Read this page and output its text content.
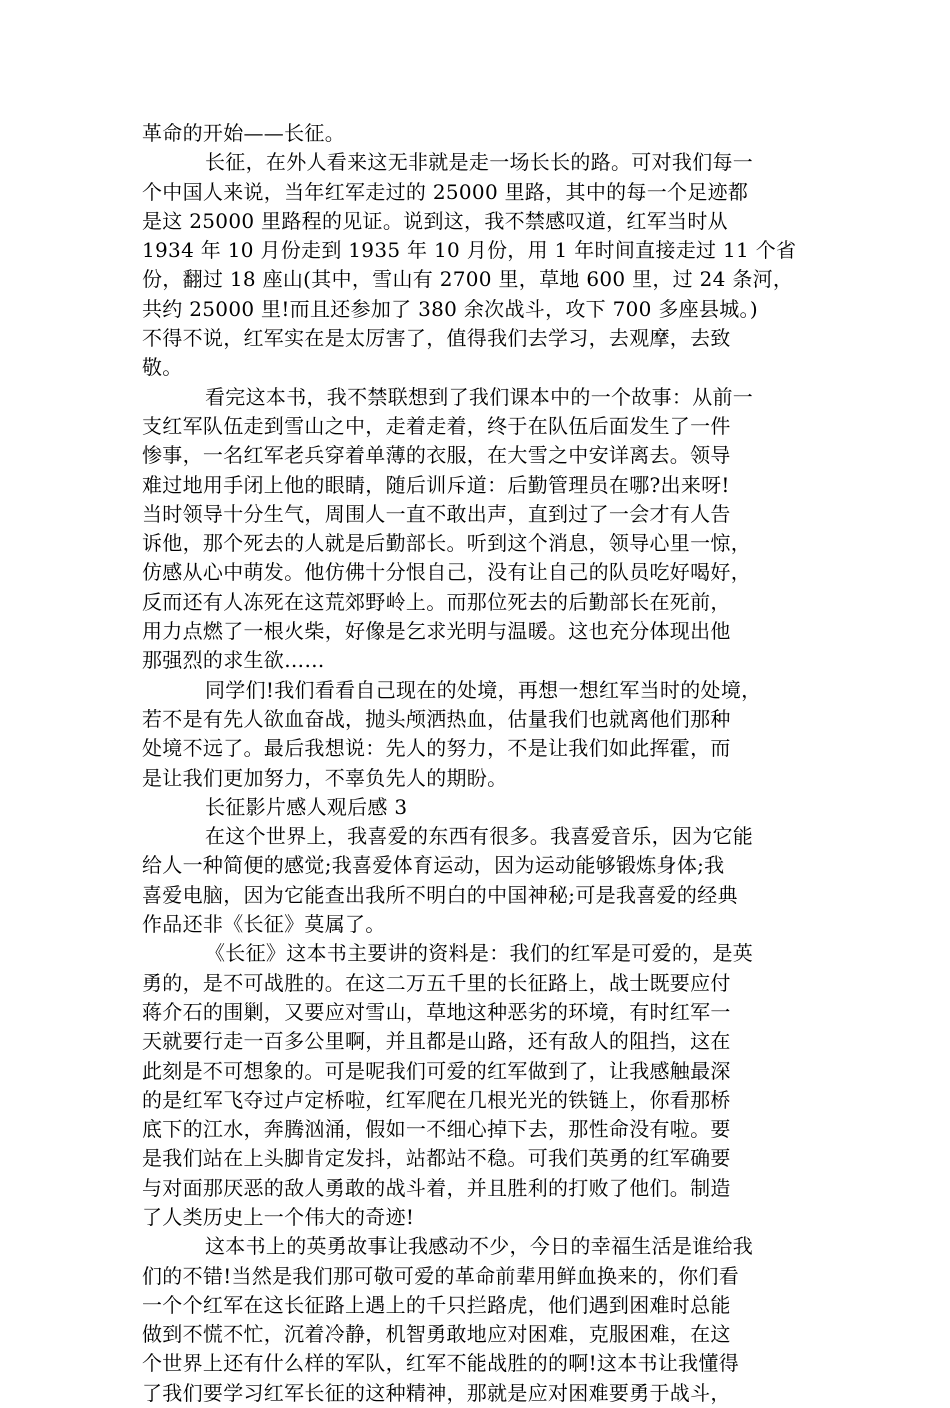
革命的开始——长征。
长征，在外人看来这无非就是走一场长长的路。可对我们每一
个中国人来说，当年红军走过的 25000 里路，其中的每一个足迹都
是这 25000 里路程的见证。说到这，我不禁感叹道，红军当时从
1934 年 10 月份走到 1935 年 10 月份，用 1 年时间直接走过 11 个省
份，翻过 18 座山(其中，雪山有 2700 里，草地 600 里，过 24 条河，
共约 25000 里!而且还参加了 380 余次战斗，攻下 700 多座县城。)
不得不说，红军实在是太厉害了，值得我们去学习，去观摩，去致
敬。
看完这本书，我不禁联想到了我们课本中的一个故事：从前一
支红军队伍走到雪山之中，走着走着，终于在队伍后面发生了一件
惨事，一名红军老兵穿着单薄的衣服，在大雪之中安详离去。领导
难过地用手闭上他的眼睛，随后训斥道：后勤管理员在哪?出来呀!
当时领导十分生气，周围人一直不敢出声，直到过了一会才有人告
诉他，那个死去的人就是后勤部长。听到这个消息，领导心里一惊，
仿感从心中萌发。他仿佛十分恨自己，没有让自己的队员吃好喝好，
反而还有人冻死在这荒郊野岭上。而那位死去的后勤部长在死前，
用力点燃了一根火柴，好像是乞求光明与温暖。这也充分体现出他
那强烈的求生欲……
同学们!我们看看自己现在的处境，再想一想红军当时的处境，
若不是有先人欲血奋战，抛头颅洒热血，估量我们也就离他们那种
处境不远了。最后我想说：先人的努力，不是让我们如此挥霍，而
是让我们更加努力，不辜负先人的期盼。
长征影片感人观后感 3
在这个世界上，我喜爱的东西有很多。我喜爱音乐，因为它能
给人一种简便的感觉;我喜爱体育运动，因为运动能够锻炼身体;我
喜爱电脑，因为它能查出我所不明白的中国神秘;可是我喜爱的经典
作品还非《长征》莫属了。
《长征》这本书主要讲的资料是：我们的红军是可爱的，是英
勇的，是不可战胜的。在这二万五千里的长征路上，战士既要应付
蒋介石的围剿，又要应对雪山，草地这种恶劣的环境，有时红军一
天就要行走一百多公里啊，并且都是山路，还有敌人的阻挡，这在
此刻是不可想象的。可是呢我们可爱的红军做到了，让我感触最深
的是红军飞夺过卢定桥啦，红军爬在几根光光的铁链上，你看那桥
底下的江水，奔腾汹涌，假如一不细心掉下去，那性命没有啦。要
是我们站在上头脚肯定发抖，站都站不稳。可我们英勇的红军确要
与对面那厌恶的敌人勇敢的战斗着，并且胜利的打败了他们。制造
了人类历史上一个伟大的奇迹!
这本书上的英勇故事让我感动不少，今日的幸福生活是谁给我
们的不错!当然是我们那可敬可爱的革命前辈用鲜血换来的，你们看
一个个红军在这长征路上遇上的千只拦路虎，他们遇到困难时总能
做到不慌不忙，沉着冷静，机智勇敢地应对困难，克服困难，在这
个世界上还有什么样的军队，红军不能战胜的的啊!这本书让我懂得
了我们要学习红军长征的这种精神，那就是应对困难要勇于战斗，
